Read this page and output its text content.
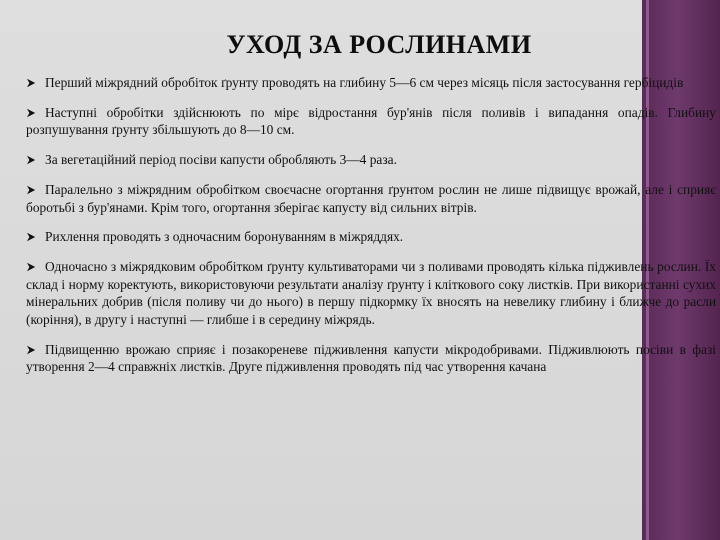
УХОД ЗА РОСЛИНАМИ

Перший міжрядний обробіток ґрунту проводять на глибину 5—6 см через місяць після застосування гербіцидів

Наступні обробітки здійснюють по мірє відростання бур'янів після поливів і випадання опадів. Глибину розпушування ґрунту збільшують до 8—10 см.

За вегетаційний період посіви капусти обробляють 3—4 раза.

Паралельно з міжрядним обробітком своєчасне огортання ґрунтом рослин не лише підвищує врожай, але і сприяє боротьбі з бур'янами. Крім того, огортання зберігає капусту від сильних вітрів.

Рихлення проводять з одночасним боронуванням в міжряддях.

Одночасно з міжрядковим обробітком ґрунту культиваторами чи з поливами проводять кілька підживлень рослин. Їх склад і норму коректують, використовуючи результати аналізу ґрунту і кліткового соку листків. При використанні сухих мінеральних добрив (після поливу чи до нього) в першу підкормку їх вносять на невелику глибину і ближче до расли (коріння), в другу і наступні — глибше і в середину міжрядь.

Підвищенню врожаю сприяє і позакореневе підживлення капусти мікродобривами. Підживлюють посіви в фазі утворення 2—4 справжніх листків. Друге підживлення проводять під час утворення качана
